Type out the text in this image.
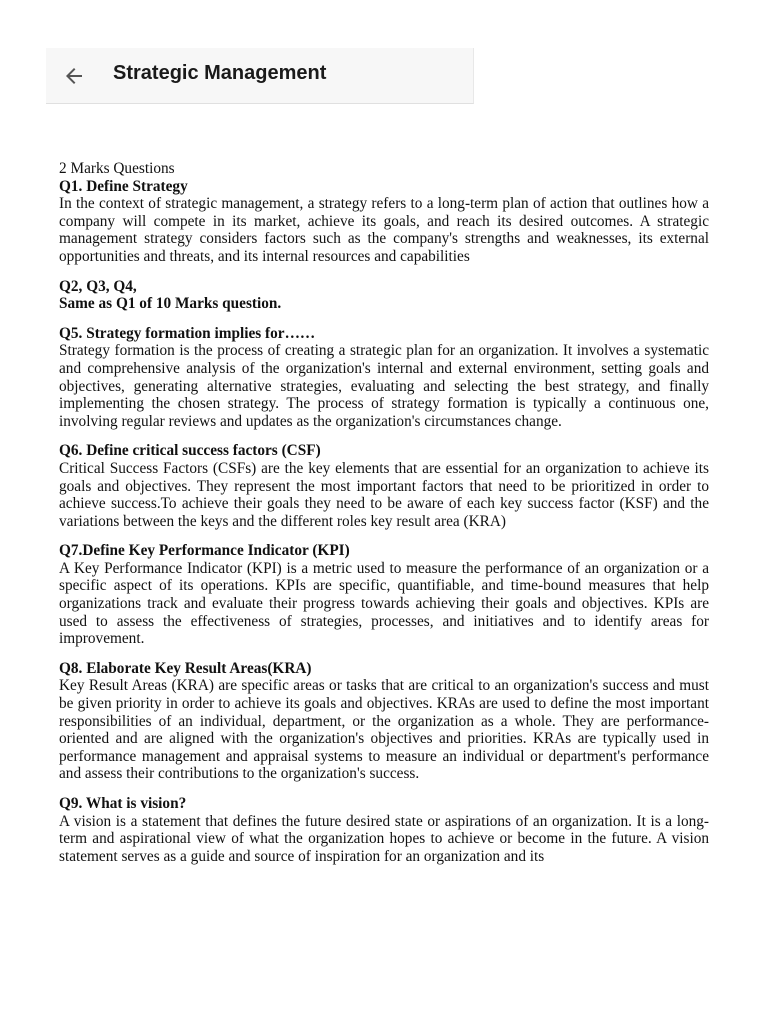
Strategic Management

2 Marks Questions

Q1. Define Strategy

In the context of strategic management, a strategy refers to a long-term plan of action that outlines how a company will compete in its market, achieve its goals, and reach its desired outcomes. A strategic management strategy considers factors such as the company's strengths and weaknesses, its external opportunities and threats, and its internal resources and capabilities

Q2, Q3, Q4,

Same as Q1 of 10 Marks question.

Q5. Strategy formation implies for……

Strategy formation is the process of creating a strategic plan for an organization. It involves a systematic and comprehensive analysis of the organization's internal and external environment, setting goals and objectives, generating alternative strategies, evaluating and selecting the best strategy, and finally implementing the chosen strategy. The process of strategy formation is typically a continuous one, involving regular reviews and updates as the organization's circumstances change.

Q6. Define critical success factors (CSF)

Critical Success Factors (CSFs) are the key elements that are essential for an organization to achieve its goals and objectives. They represent the most important factors that need to be prioritized in order to achieve success.To achieve their goals they need to be aware of each key success factor (KSF) and the variations between the keys and the different roles key result area (KRA)

Q7.Define Key Performance Indicator (KPI)

A Key Performance Indicator (KPI) is a metric used to measure the performance of an organization or a specific aspect of its operations. KPIs are specific, quantifiable, and time-bound measures that help organizations track and evaluate their progress towards achieving their goals and objectives. KPIs are used to assess the effectiveness of strategies, processes, and initiatives and to identify areas for improvement.

Q8. Elaborate Key Result Areas(KRA)

Key Result Areas (KRA) are specific areas or tasks that are critical to an organization's success and must be given priority in order to achieve its goals and objectives. KRAs are used to define the most important responsibilities of an individual, department, or the organization as a whole. They are performance-oriented and are aligned with the organization's objectives and priorities. KRAs are typically used in performance management and appraisal systems to measure an individual or department's performance and assess their contributions to the organization's success.

Q9. What is vision?

A vision is a statement that defines the future desired state or aspirations of an organization. It is a long-term and aspirational view of what the organization hopes to achieve or become in the future. A vision statement serves as a guide and source of inspiration for an organization and its
